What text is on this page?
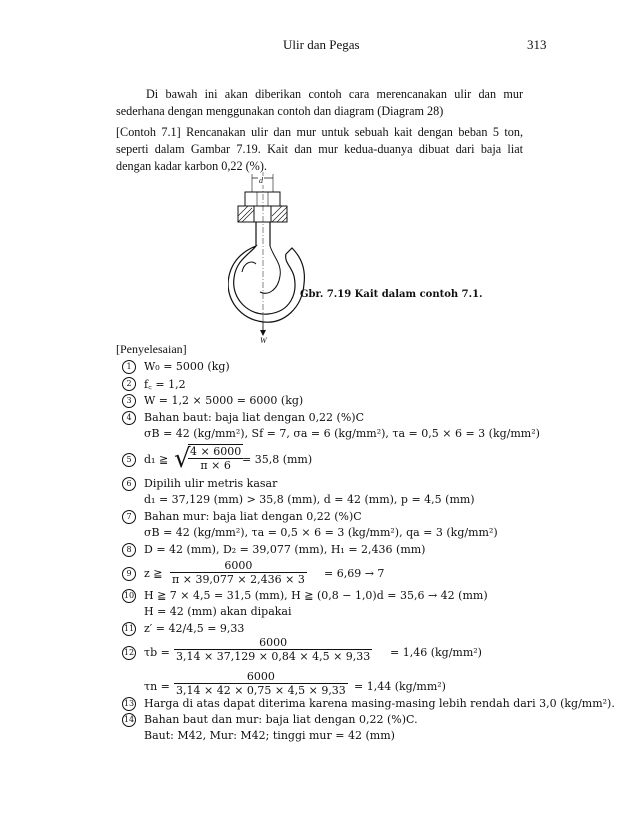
Ulir dan Pegas	313

Di bawah ini akan diberikan contoh cara merencanakan ulir dan mur sederhana dengan menggunakan contoh dan diagram (Diagram 28)

[Contoh 7.1] Rencanakan ulir dan mur untuk sebuah kait dengan beban 5 ton, seperti dalam Gambar 7.19. Kait dan mur kedua-duanya dibuat dari baja liat dengan kadar karbon 0,22 (%).

d
W
Gbr. 7.19 Kait dalam contoh 7.1.
[Penyelesaian]
1	W₀ = 5000 (kg)
2	f꜀ = 1,2
3	W = 1,2 × 5000 = 6000 (kg)
4	Bahan baut: baja liat dengan 0,22 (%)C
σB = 42 (kg/mm²), Sf = 7, σa = 6 (kg/mm²), τa = 0,5 × 6 = 3 (kg/mm²)
5	d₁ ≧ √
$\frac{4 \times 6000}{\pi \times 6}$
= 35,8 (mm)
6	Dipilih ulir metris kasar
d₁ = 37,129 (mm) > 35,8 (mm), d = 42 (mm), p = 4,5 (mm)
7	Bahan mur: baja liat dengan 0,22 (%)C
σB = 42 (kg/mm²), τa = 0,5 × 6 = 3 (kg/mm²), qa = 3 (kg/mm²)
8	D = 42 (mm), D₂ = 39,077 (mm), H₁ = 2,436 (mm)
9	z ≧ $\frac{6000}{\pi \times 39,077 \times 2,436 \times 3} = 6,69 \to 7$
10 H ≧ 7 × 4,5 = 31,5 (mm), H ≧ (0,8 − 1,0)d = 35,6 → 42 (mm)
H = 42 (mm) akan dipakai
11 z′ = 42/4,5 = 9,33
12 $\tau b = \frac{6000}{3,14 \times 37,129 \times 0,84 \times 4,5 \times 9,33} = 1,46$ (kg/mm²)
$\tau n = \frac{6000}{3,14 \times 42 \times 0,75 \times 4,5 \times 9,33} = 1,44$ (kg/mm²)
13 Harga di atas dapat diterima karena masing-masing lebih rendah dari 3,0 (kg/mm²).
14 Bahan baut dan mur: baja liat dengan 0,22 (%)C.
Baut: M42, Mur: M42; tinggi mur = 42 (mm)
